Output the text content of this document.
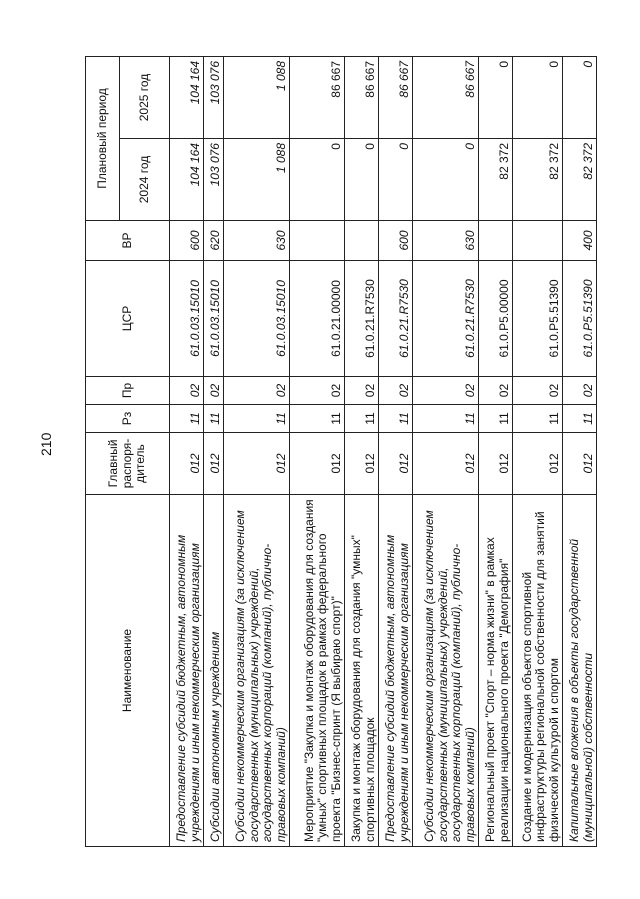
210
Наименование	Главный распоря-дитель	Рз	Пр	ЦСР	ВР	Плановый период	
						2024 год	2025 год
Предоставление субсидий бюджетным, автономным учреждениям и иным некоммерческим организациям	012	11	02	61.0.03.15010	600	104 164	104 164
Субсидии автономным учреждениям	012	11	02	61.0.03.15010	620	103 076	103 076
Субсидии некоммерческим организациям (за исключением государственных (муниципальных) учреждений, государственных корпораций (компаний), публично-правовых компаний)	012	11	02	61.0.03.15010	630	1 088	1 088
Мероприятие "Закупка и монтаж оборудования для создания "умных" спортивных площадок в рамках федерального проекта "Бизнес-спринт (Я выбираю спорт)"	012	11	02	61.0.21.00000		0	86 667
Закупка и монтаж оборудования для создания "умных" спортивных площадок	012	11	02	61.0.21.R7530		0	86 667
Предоставление субсидий бюджетным, автономным учреждениям и иным некоммерческим организациям	012	11	02	61.0.21.R7530	600	0	86 667
Субсидии некоммерческим организациям (за исключением государственных (муниципальных) учреждений, государственных корпораций (компаний), публично-правовых компаний)	012	11	02	61.0.21.R7530	630	0	86 667
Региональный проект "Спорт – норма жизни" в рамках реализации национального проекта "Демография"	012	11	02	61.0.P5.00000		82 372	0
Создание и модернизация объектов спортивной инфраструктуры региональной собственности для занятий физической культурой и спортом	012	11	02	61.0.P5.51390		82 372	0
Капитальные вложения в объекты государственной (муниципальной) собственности	012	11	02	61.0.P5.51390	400	82 372	0
